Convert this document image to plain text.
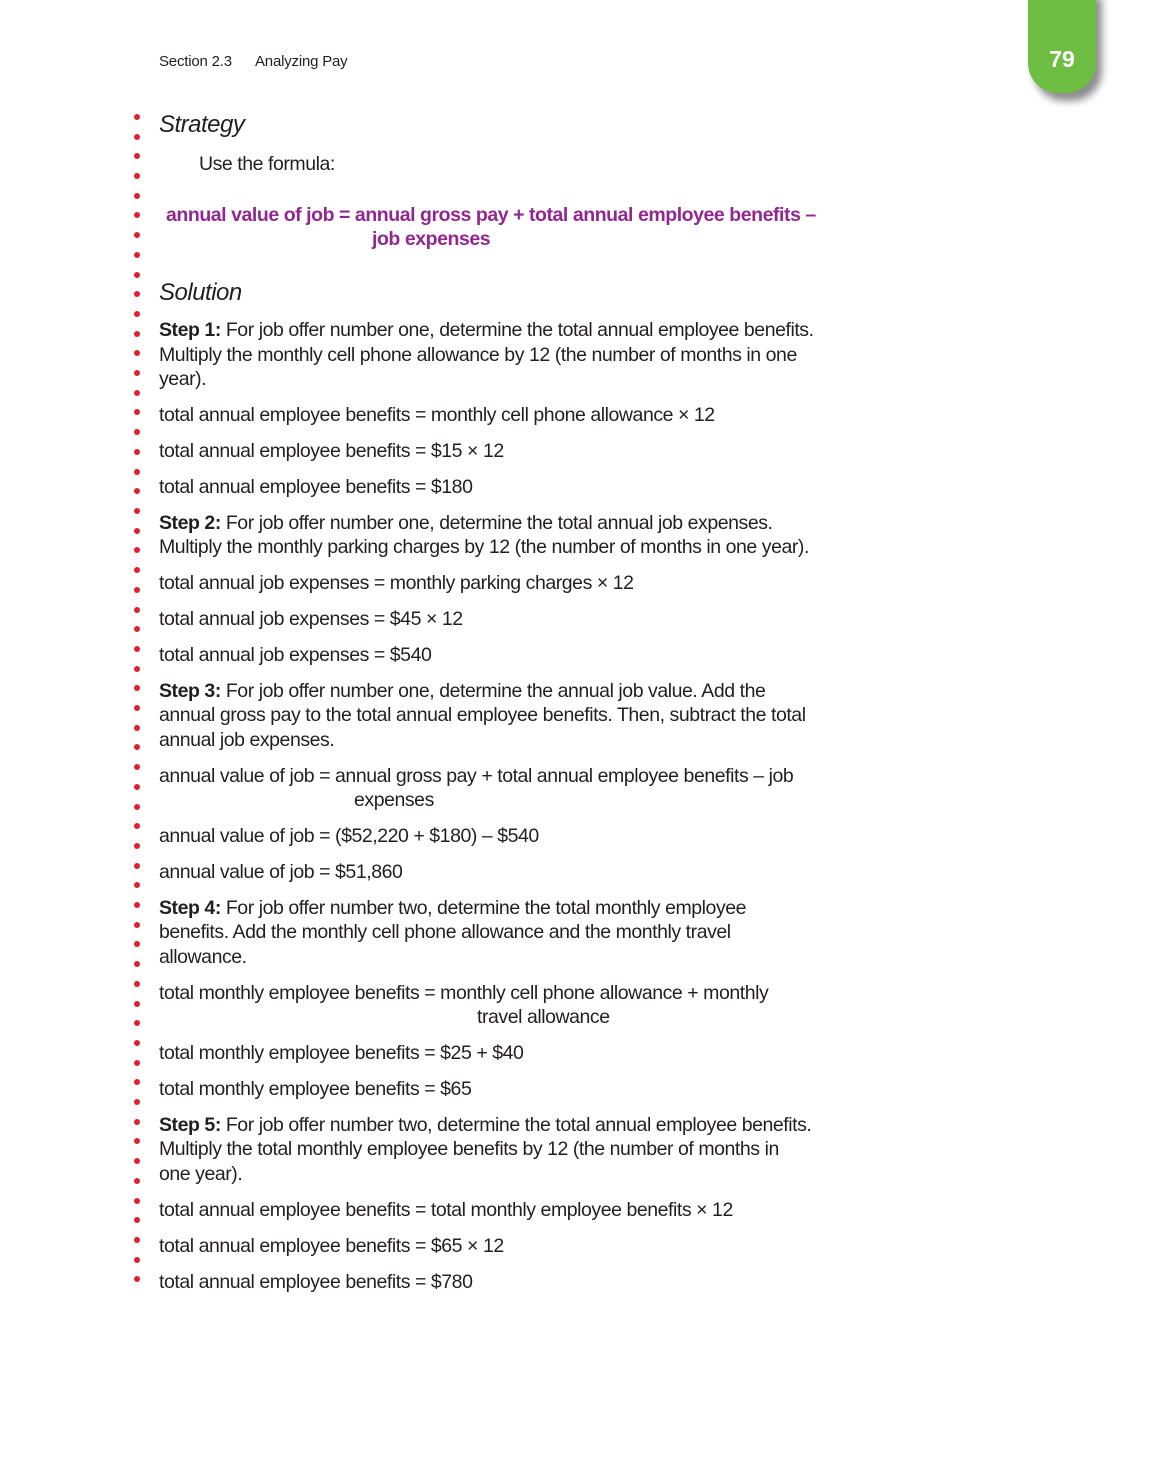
Section 2.3 Analyzing Pay	79
Strategy
Use the formula:
annual value of job = annual gross pay + total annual employee benefits –
job expenses
Solution
Step 1: For job offer number one, determine the total annual employee benefits.
Multiply the monthly cell phone allowance by 12 (the number of months in one
year).
total annual employee benefits = monthly cell phone allowance × 12
total annual employee benefits = $15 × 12
total annual employee benefits = $180
Step 2: For job offer number one, determine the total annual job expenses.
Multiply the monthly parking charges by 12 (the number of months in one year).
total annual job expenses = monthly parking charges × 12
total annual job expenses = $45 × 12
total annual job expenses = $540
Step 3: For job offer number one, determine the annual job value. Add the
annual gross pay to the total annual employee benefits. Then, subtract the total
annual job expenses.
annual value of job = annual gross pay + total annual employee benefits – job
expenses
annual value of job = ($52,220 + $180) – $540
annual value of job = $51,860
Step 4: For job offer number two, determine the total monthly employee
benefits. Add the monthly cell phone allowance and the monthly travel
allowance.
total monthly employee benefits = monthly cell phone allowance + monthly
travel allowance
total monthly employee benefits = $25 + $40
total monthly employee benefits = $65
Step 5: For job offer number two, determine the total annual employee benefits.
Multiply the total monthly employee benefits by 12 (the number of months in
one year).
total annual employee benefits = total monthly employee benefits × 12
total annual employee benefits = $65 × 12
total annual employee benefits = $780
